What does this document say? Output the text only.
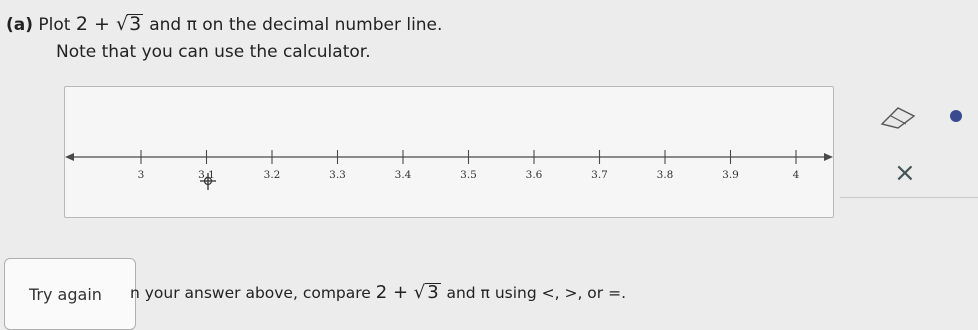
(a) Plot 2 + √3 and π on the decimal number line.
Note that you can use the calculator.
3	3.1	3.2	3.3	3.4	3.5	3.6	3.7	3.8	3.9	4	×
Try again n your answer above, compare 2 + √ 3 and π using <, >, or =.
